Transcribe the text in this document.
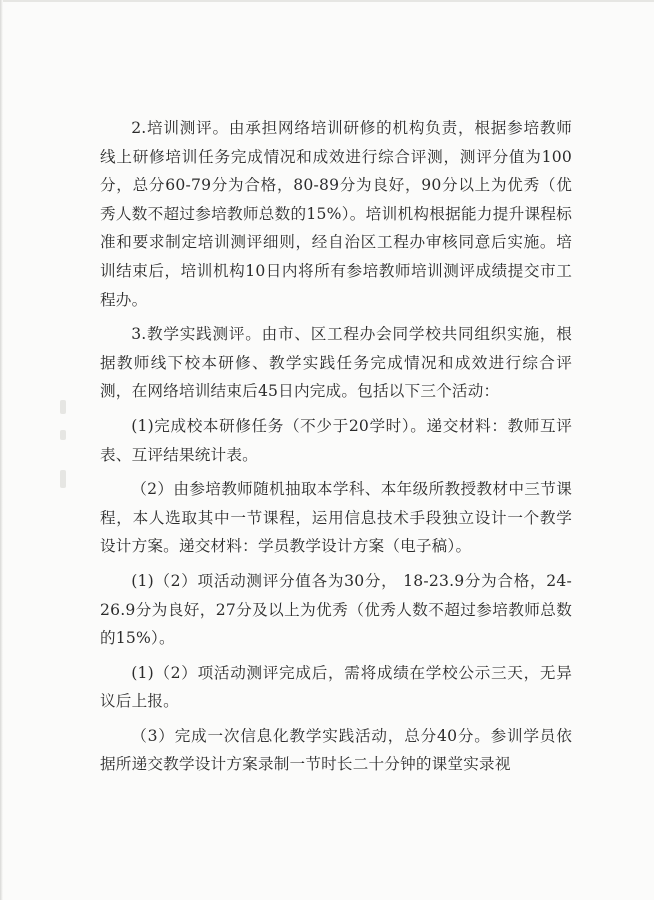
2.培训测评。由承担网络培训研修的机构负责，根据参培教师线上研修培训任务完成情况和成效进行综合评测，测评分值为100分，总分60-79分为合格，80-89分为良好，90分以上为优秀（优秀人数不超过参培教师总数的15%）。培训机构根据能力提升课程标准和要求制定培训测评细则，经自治区工程办审核同意后实施。培训结束后，培训机构10日内将所有参培教师培训测评成绩提交市工程办。

3.教学实践测评。由市、区工程办会同学校共同组织实施，根据教师线下校本研修、教学实践任务完成情况和成效进行综合评测，在网络培训结束后45日内完成。包括以下三个活动：

(1)完成校本研修任务（不少于20学时）。递交材料：教师互评表、互评结果统计表。

（2）由参培教师随机抽取本学科、本年级所教授教材中三节课程，本人选取其中一节课程，运用信息技术手段独立设计一个教学设计方案。递交材料：学员教学设计方案（电子稿）。

(1)（2）项活动测评分值各为30分， 18-23.9分为合格，24-26.9分为良好，27分及以上为优秀（优秀人数不超过参培教师总数的15%）。

(1)（2）项活动测评完成后，需将成绩在学校公示三天，无异议后上报。

（3）完成一次信息化教学实践活动，总分40分。参训学员依据所递交教学设计方案录制一节时长二十分钟的课堂实录视
